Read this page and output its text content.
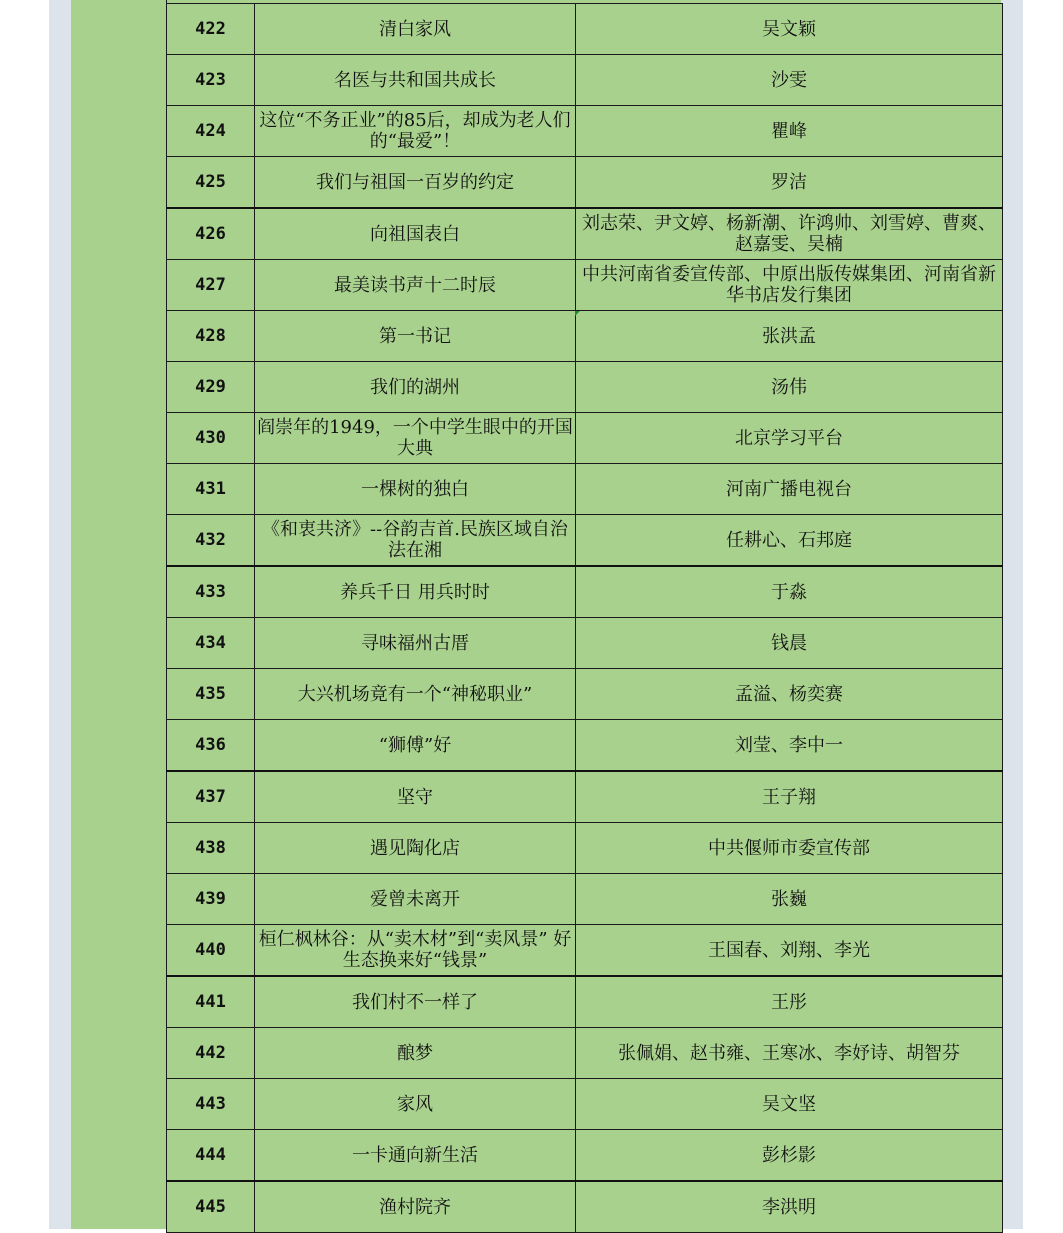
422	清白家风	吴文颖
423	名医与共和国共成长	沙雯
424	这位“不务正业”的85后，却成为老人们的“最爱”！	瞿峰
425	我们与祖国一百岁的约定	罗洁
426	向祖国表白	刘志荣、尹文婷、杨新潮、许鸿帅、刘雪婷、曹爽、赵嘉雯、吴楠
427	最美读书声十二时辰	中共河南省委宣传部、中原出版传媒集团、河南省新华书店发行集团
428	第一书记	张洪孟
429	我们的湖州	汤伟
430	阎崇年的1949，一个中学生眼中的开国大典	北京学习平台
431	一棵树的独白	河南广播电视台
432	《和衷共济》--谷韵吉首.民族区域自治法在湘	任耕心、石邦庭
433	养兵千日 用兵时时	于淼
434	寻味福州古厝	钱晨
435	大兴机场竟有一个“神秘职业”	孟溢、杨奕赛
436	“狮傅”好	刘莹、李中一
437	坚守	王子翔
438	遇见陶化店	中共偃师市委宣传部
439	爱曾未离开	张巍
440	桓仁枫林谷：从“卖木材”到“卖风景” 好生态换来好“钱景”	王国春、刘翔、李光
441	我们村不一样了	王彤
442	酿梦	张佩娟、赵书雍、王寒冰、李妤诗、胡智芬
443	家风	吴文坚
444	一卡通向新生活	彭杉影
445	渔村院齐	李洪明
